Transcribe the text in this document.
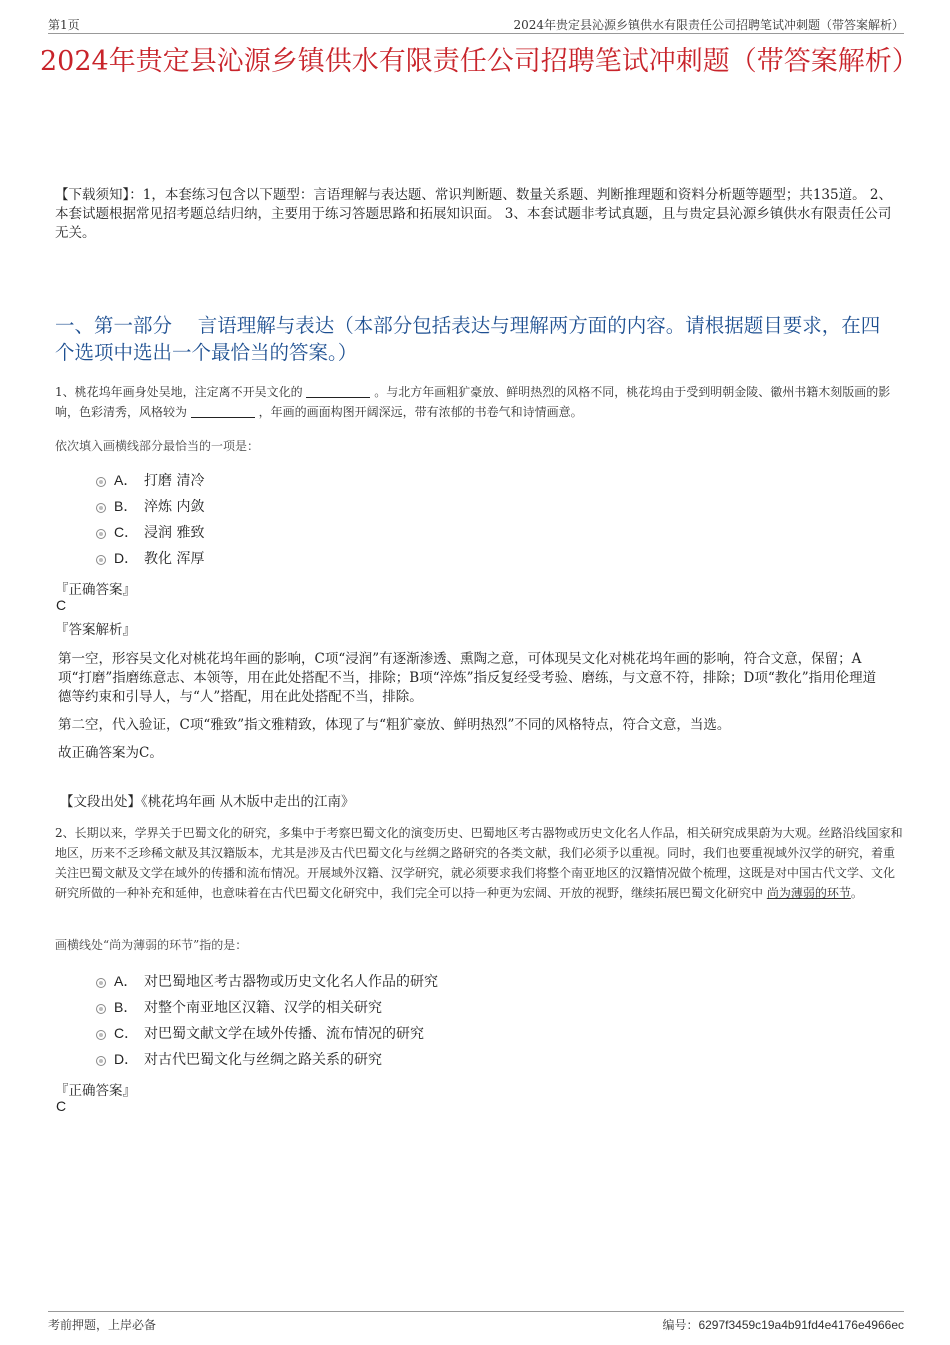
第1页	2024年贵定县沁源乡镇供水有限责任公司招聘笔试冲刺题（带答案解析）
2024年贵定县沁源乡镇供水有限责任公司招聘笔试冲刺题（带答案解析）
【下载须知】：1，本套练习包含以下题型：言语理解与表达题、常识判断题、数量关系题、判断推理题和资料分析题等题型；共135道。 2、本套试题根据常见招考题总结归纳，主要用于练习答题思路和拓展知识面。 3、本套试题非考试真题，且与贵定县沁源乡镇供水有限责任公司无关。
一、第一部分　 言语理解与表达（本部分包括表达与理解两方面的内容。请根据题目要求，在四个选项中选出一个最恰当的答案。）
1、桃花坞年画身处吴地，注定离不开吴文化的	。与北方年画粗犷豪放、鲜明热烈的风格不同，桃花坞由于受到明朝金陵、徽州书籍木刻版画的影响，色彩清秀，风格较为	，年画的画面构图开阔深远，带有浓郁的书卷气和诗情画意。
依次填入画横线部分最恰当的一项是：
A． 打磨 清冷
B． 淬炼 内敛
C． 浸润 雅致
D． 教化 浑厚
『正确答案』
C
『答案解析』

第一空，形容吴文化对桃花坞年画的影响，C项“浸润”有逐渐渗透、熏陶之意，可体现吴文化对桃花坞年画的影响，符合文意，保留；A项“打磨”指磨练意志、本领等，用在此处搭配不当，排除；B项“淬炼”指反复经受考验、磨练，与文意不符，排除；D项“教化”指用伦理道德等约束和引导人，与“人”搭配，用在此处搭配不当，排除。

第二空，代入验证，C项“雅致”指文雅精致，体现了与“粗犷豪放、鲜明热烈”不同的风格特点，符合文意，当选。

故正确答案为C。

【文段出处】《桃花坞年画 从木版中走出的江南》
2、长期以来，学界关于巴蜀文化的研究，多集中于考察巴蜀文化的演变历史、巴蜀地区考古器物或历史文化名人作品，相关研究成果蔚为大观。丝路沿线国家和地区，历来不乏珍稀文献及其汉籍版本，尤其是涉及古代巴蜀文化与丝绸之路研究的各类文献，我们必须予以重视。同时，我们也要重视域外汉学的研究，着重关注巴蜀文献及文学在域外的传播和流布情况。开展域外汉籍、汉学研究，就必须要求我们将整个南亚地区的汉籍情况做个梳理，这既是对中国古代文学、文化研究所做的一种补充和延伸，也意味着在古代巴蜀文化研究中，我们完全可以持一种更为宏阔、开放的视野，继续拓展巴蜀文化研究中 尚为薄弱的环节。
画横线处“尚为薄弱的环节”指的是：
A． 对巴蜀地区考古器物或历史文化名人作品的研究
B． 对整个南亚地区汉籍、汉学的相关研究
C． 对巴蜀文献文学在域外传播、流布情况的研究
D． 对古代巴蜀文化与丝绸之路关系的研究
『正确答案』
C
考前押题，上岸必备	编号：6297f3459c19a4b91fd4e4176e4966ec
